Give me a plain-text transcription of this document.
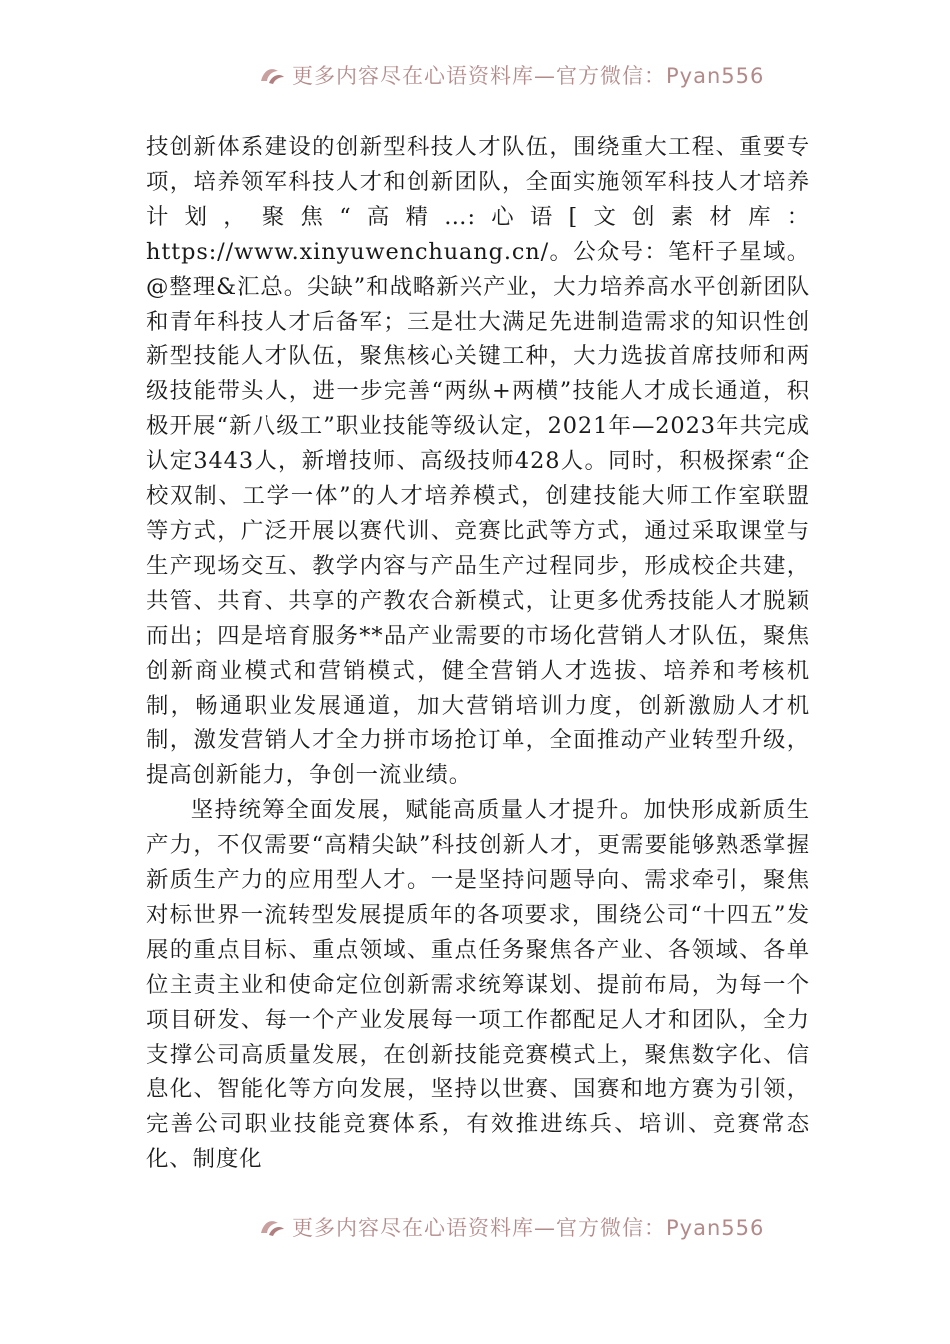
更多内容尽在心语资料库—官方微信：Pyan556

技创新体系建设的创新型科技人才队伍，围绕重大工程、重要专项，培养领军科技人才和创新团队，全面实施领军科技人才培养计划，聚焦“高精…:心语[文创素材库：https://www.xinyuwenchuang.cn/。公众号：笔杆子星域。@整理&汇总。尖缺”和战略新兴产业，大力培养高水平创新团队和青年科技人才后备军；三是壮大满足先进制造需求的知识性创新型技能人才队伍，聚焦核心关键工种，大力选拔首席技师和两级技能带头人，进一步完善“两纵+两横”技能人才成长通道，积极开展“新八级工”职业技能等级认定，2021年—2023年共完成认定3443人，新增技师、高级技师428人。同时，积极探索“企校双制、工学一体”的人才培养模式，创建技能大师工作室联盟等方式，广泛开展以赛代训、竞赛比武等方式，通过采取课堂与生产现场交互、教学内容与产品生产过程同步，形成校企共建，共管、共育、共享的产教农合新模式，让更多优秀技能人才脱颖而出；四是培育服务**品产业需要的市场化营销人才队伍，聚焦创新商业模式和营销模式，健全营销人才选拔、培养和考核机制，畅通职业发展通道，加大营销培训力度，创新激励人才机制，激发营销人才全力拼市场抢订单，全面推动产业转型升级，提高创新能力，争创一流业绩。

坚持统筹全面发展，赋能高质量人才提升。加快形成新质生产力，不仅需要“高精尖缺”科技创新人才，更需要能够熟悉掌握新质生产力的应用型人才。一是坚持问题导向、需求牵引，聚焦对标世界一流转型发展提质年的各项要求，围绕公司“十四五”发展的重点目标、重点领域、重点任务聚焦各产业、各领域、各单位主责主业和使命定位创新需求统筹谋划、提前布局，为每一个项目研发、每一个产业发展每一项工作都配足人才和团队，全力支撑公司高质量发展，在创新技能竞赛模式上，聚焦数字化、信息化、智能化等方向发展，坚持以世赛、国赛和地方赛为引领，完善公司职业技能竞赛体系，有效推进练兵、培训、竞赛常态化、制度化

更多内容尽在心语资料库—官方微信：Pyan556
